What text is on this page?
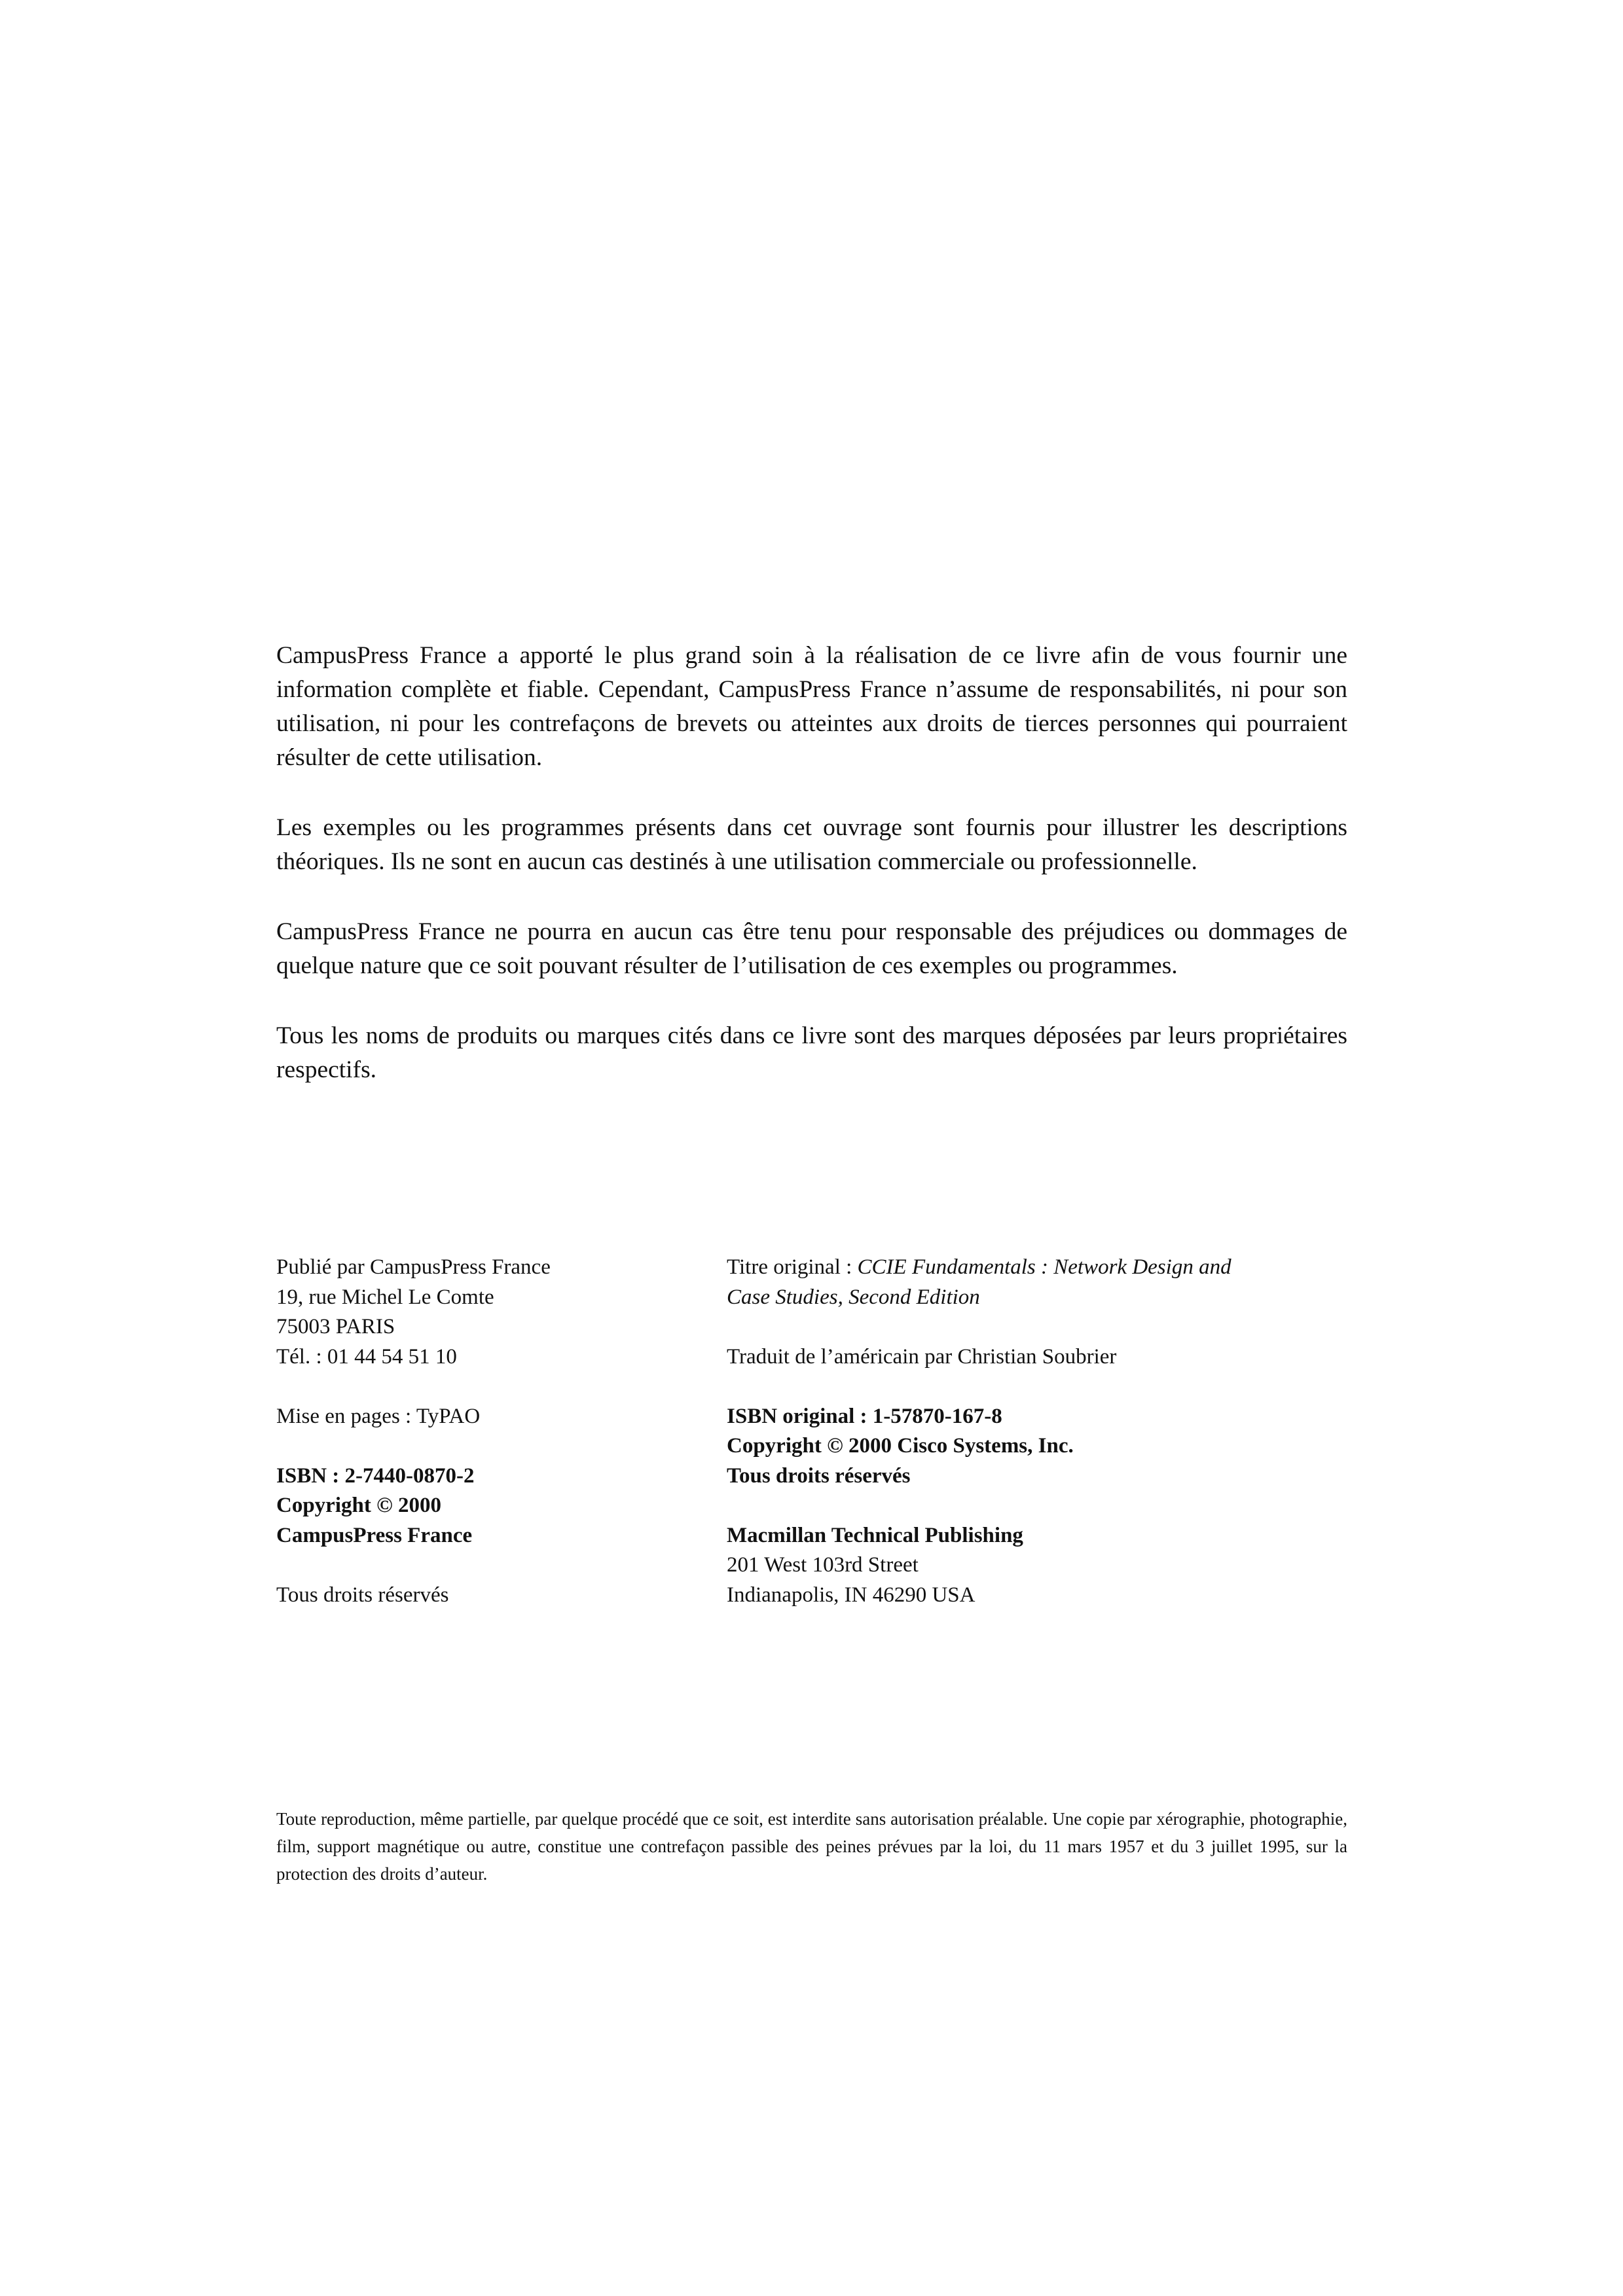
CampusPress France a apporté le plus grand soin à la réalisation de ce livre afin de vous fournir une information complète et fiable. Cependant, CampusPress France n’assume de responsabilités, ni pour son utilisation, ni pour les contrefaçons de brevets ou atteintes aux droits de tierces personnes qui pourraient résulter de cette utilisation.

Les exemples ou les programmes présents dans cet ouvrage sont fournis pour illustrer les descriptions théoriques. Ils ne sont en aucun cas destinés à une utilisation commerciale ou professionnelle.

CampusPress France ne pourra en aucun cas être tenu pour responsable des préjudices ou dommages de quelque nature que ce soit pouvant résulter de l’utilisation de ces exemples ou programmes.

Tous les noms de produits ou marques cités dans ce livre sont des marques déposées par leurs propriétaires respectifs.

Publié par CampusPress France
19, rue Michel Le Comte
75003 PARIS
Tél. : 01 44 54 51 10
Mise en pages : TyPAO
ISBN : 2-7440-0870-2
Copyright © 2000
CampusPress France
Tous droits réservés
Titre original : CCIE Fundamentals : Network Design and
Case Studies, Second Edition
Traduit de l’américain par Christian Soubrier
ISBN original : 1-57870-167-8
Copyright © 2000 Cisco Systems, Inc.
Tous droits réservés
Macmillan Technical Publishing
201 West 103rd Street
Indianapolis, IN 46290 USA

Toute reproduction, même partielle, par quelque procédé que ce soit, est interdite sans autorisation préalable. Une copie par xérographie, photographie, film, support magnétique ou autre, constitue une contrefaçon passible des peines prévues par la loi, du 11 mars 1957 et du 3 juillet 1995, sur la protection des droits d’auteur.
